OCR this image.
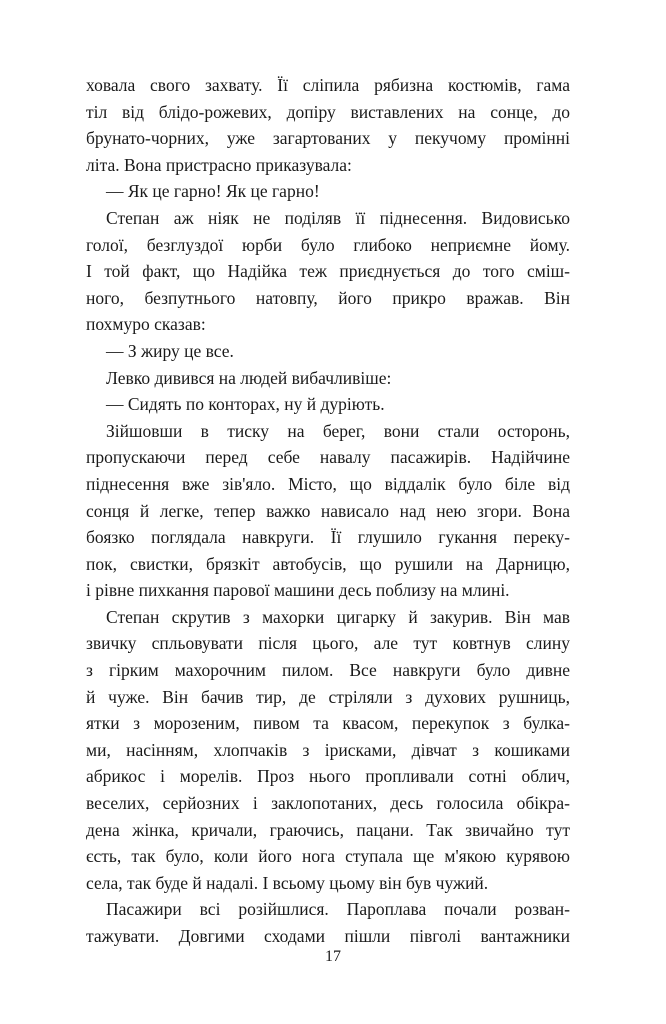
ховала свого захвату. Її сліпила рябизна костюмів, гама
тіл від блідо-рожевих, допіру виставлених на сонце, до
брунато-чорних, уже загартованих у пекучому промінні
літа. Вона пристрасно приказувала:
— Як це гарно! Як це гарно!
Степан аж ніяк не поділяв її піднесення. Видовисько
голої, безглуздої юрби було глибоко неприємне йому.
І той факт, що Надійка теж приєднується до того сміш-
ного, безпутнього натовпу, його прикро вражав. Він
похмуро сказав:
— З жиру це все.
Левко дивився на людей вибачливіше:
— Сидять по конторах, ну й дуріють.
Зійшовши в тиску на берег, вони стали осторонь,
пропускаючи перед себе навалу пасажирів. Надійчине
піднесення вже зів'яло. Місто, що віддалік було біле від
сонця й легке, тепер важко нависало над нею згори. Вона
боязко поглядала навкруги. Її глушило гукання переку-
пок, свистки, брязкіт автобусів, що рушили на Дарницю,
і рівне пихкання парової машини десь поблизу на млині.
Степан скрутив з махорки цигарку й закурив. Він мав
звичку спльовувати після цього, але тут ковтнув слину
з гірким махорочним пилом. Все навкруги було дивне
й чуже. Він бачив тир, де стріляли з духових рушниць,
ятки з морозеним, пивом та квасом, перекупок з булка-
ми, насінням, хлопчаків з ірисками, дівчат з кошиками
абрикос і морелів. Проз нього пропливали сотні облич,
веселих, серйозних і заклопотаних, десь голосила обікра-
дена жінка, кричали, граючись, пацани. Так звичайно тут
єсть, так було, коли його нога ступала ще м'якою курявою
села, так буде й надалі. І всьому цьому він був чужий.
Пасажири всі розійшлися. Пароплава почали розван-
тажувати. Довгими сходами пішли півголі вантажники
17
